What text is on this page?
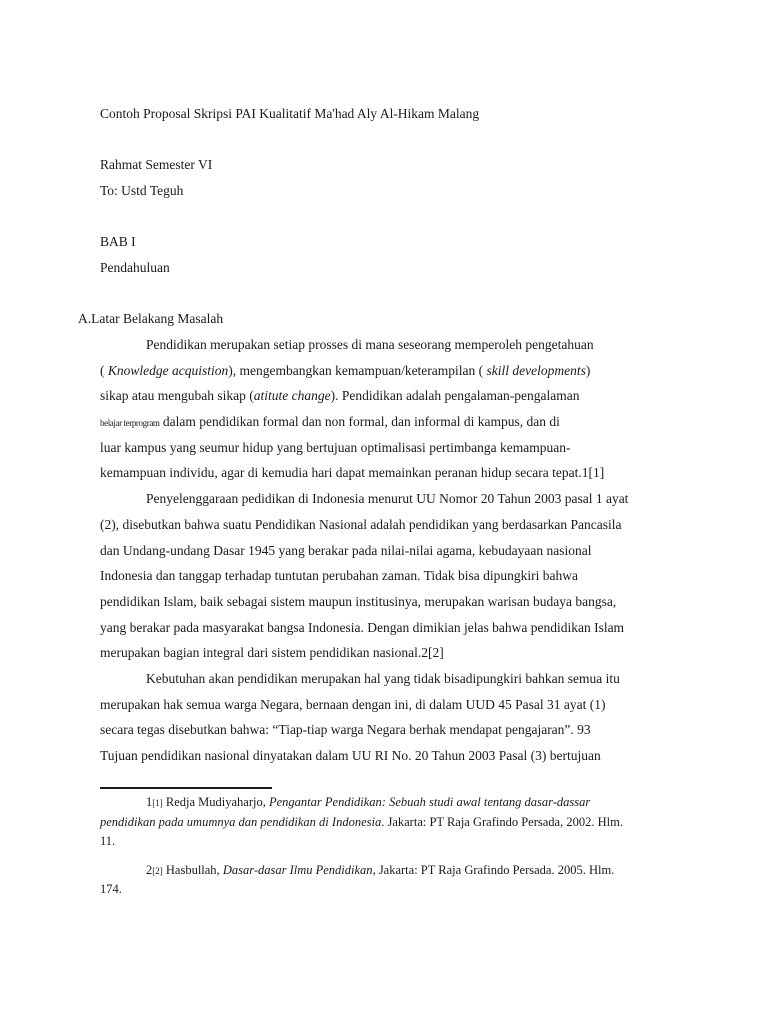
Contoh Proposal Skripsi PAI Kualitatif Ma'had Aly Al-Hikam Malang
Rahmat Semester VI
To: Ustd Teguh
BAB I
Pendahuluan
A.Latar Belakang Masalah
Pendidikan merupakan setiap prosses di mana seseorang memperoleh pengetahuan
( Knowledge acquistion), mengembangkan kemampuan/keterampilan ( skill developments)
sikap atau mengubah sikap (atitute change). Pendidikan adalah pengalaman-pengalaman
belajar terprogram dalam pendidikan formal dan non formal, dan informal di kampus, dan di
luar kampus yang seumur hidup yang bertujuan optimalisasi pertimbanga kemampuan-
kemampuan individu, agar di kemudia hari dapat memainkan peranan hidup secara tepat.1[1]
Penyelenggaraan pedidikan di Indonesia menurut UU Nomor 20 Tahun 2003 pasal 1 ayat
(2), disebutkan bahwa suatu Pendidikan Nasional adalah pendidikan yang berdasarkan Pancasila
dan Undang-undang Dasar 1945 yang berakar pada nilai-nilai agama, kebudayaan nasional
Indonesia dan tanggap terhadap tuntutan perubahan zaman. Tidak bisa dipungkiri bahwa
pendidikan Islam, baik sebagai sistem maupun institusinya, merupakan warisan budaya bangsa,
yang berakar pada masyarakat bangsa Indonesia. Dengan dimikian jelas bahwa pendidikan Islam
merupakan bagian integral dari sistem pendidikan nasional.2[2]
Kebutuhan akan pendidikan merupakan hal yang tidak bisadipungkiri bahkan semua itu
merupakan hak semua warga Negara, bernaan dengan ini, di dalam UUD 45 Pasal 31 ayat (1)
secara tegas disebutkan bahwa: “Tiap-tiap warga Negara berhak mendapat pengajaran”. 93
Tujuan pendidikan nasional dinyatakan dalam UU RI No. 20 Tahun 2003 Pasal (3) bertujuan
1[1] Redja Mudiyaharjo, Pengantar Pendidikan: Sebuah studi awal tentang dasar-dassar
pendidikan pada umumnya dan pendidikan di Indonesia. Jakarta: PT Raja Grafindo Persada, 2002. Hlm.
11.
2[2] Hasbullah, Dasar-dasar Ilmu Pendidikan, Jakarta: PT Raja Grafindo Persada. 2005. Hlm.
174.
